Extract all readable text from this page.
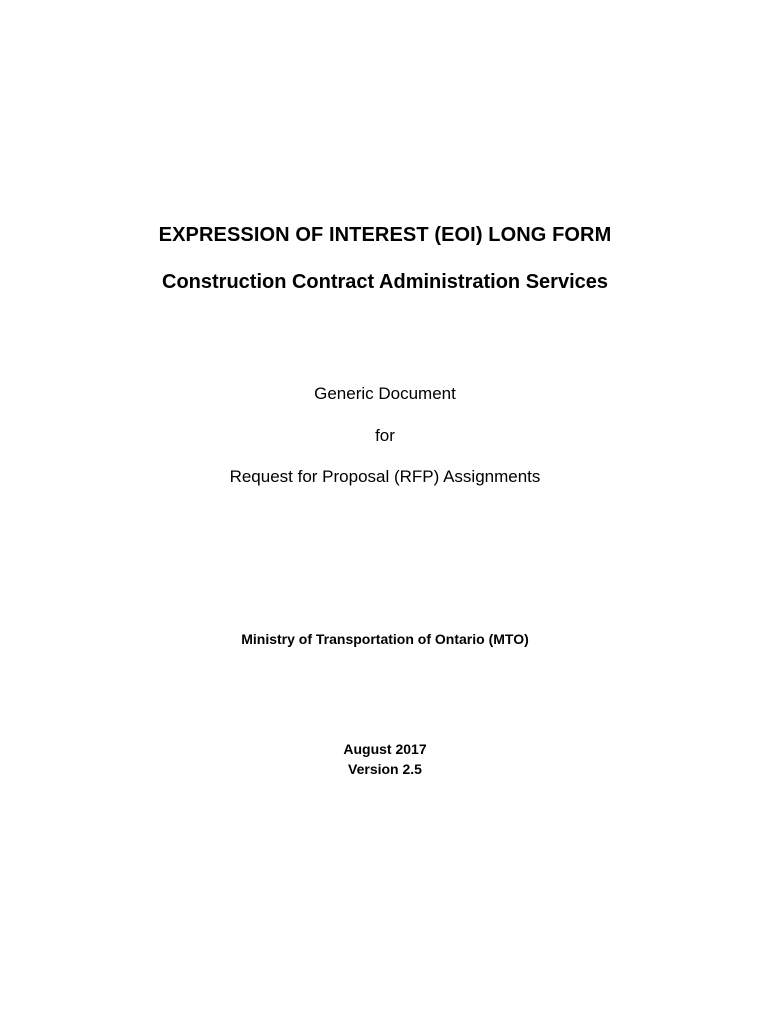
EXPRESSION OF INTEREST (EOI) LONG FORM
Construction Contract Administration Services
Generic Document
for
Request for Proposal (RFP) Assignments
Ministry of Transportation of Ontario (MTO)
August 2017
Version 2.5
